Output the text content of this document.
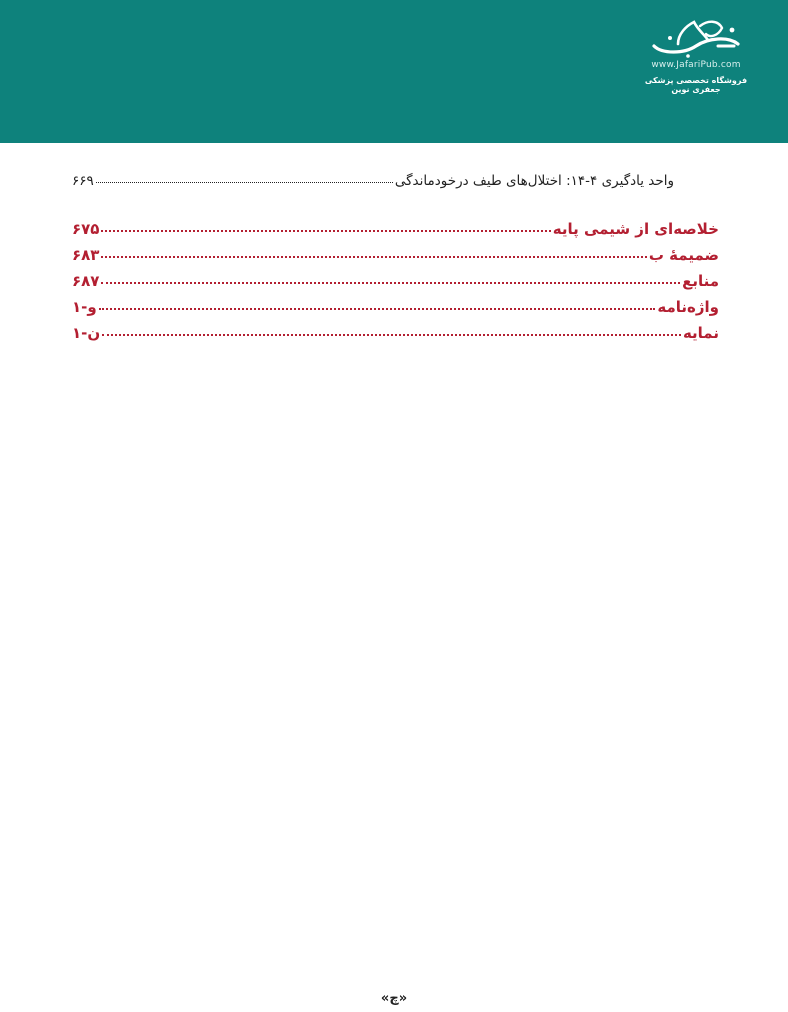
www.JafariPub.com
فروشگاه تخصصی پزشکی جعفری نوین
واحد یادگیری ۴-۱۴: اختلال‌های طیف درخودماندگی
۶۶۹
خلاصه‌ای از شیمی پایه
۶۷۵
ضمیمهٔ ب
۶۸۳
منابع
۶۸۷
واژه‌نامه
و-۱
نمایه
ن-۱
«چ»
